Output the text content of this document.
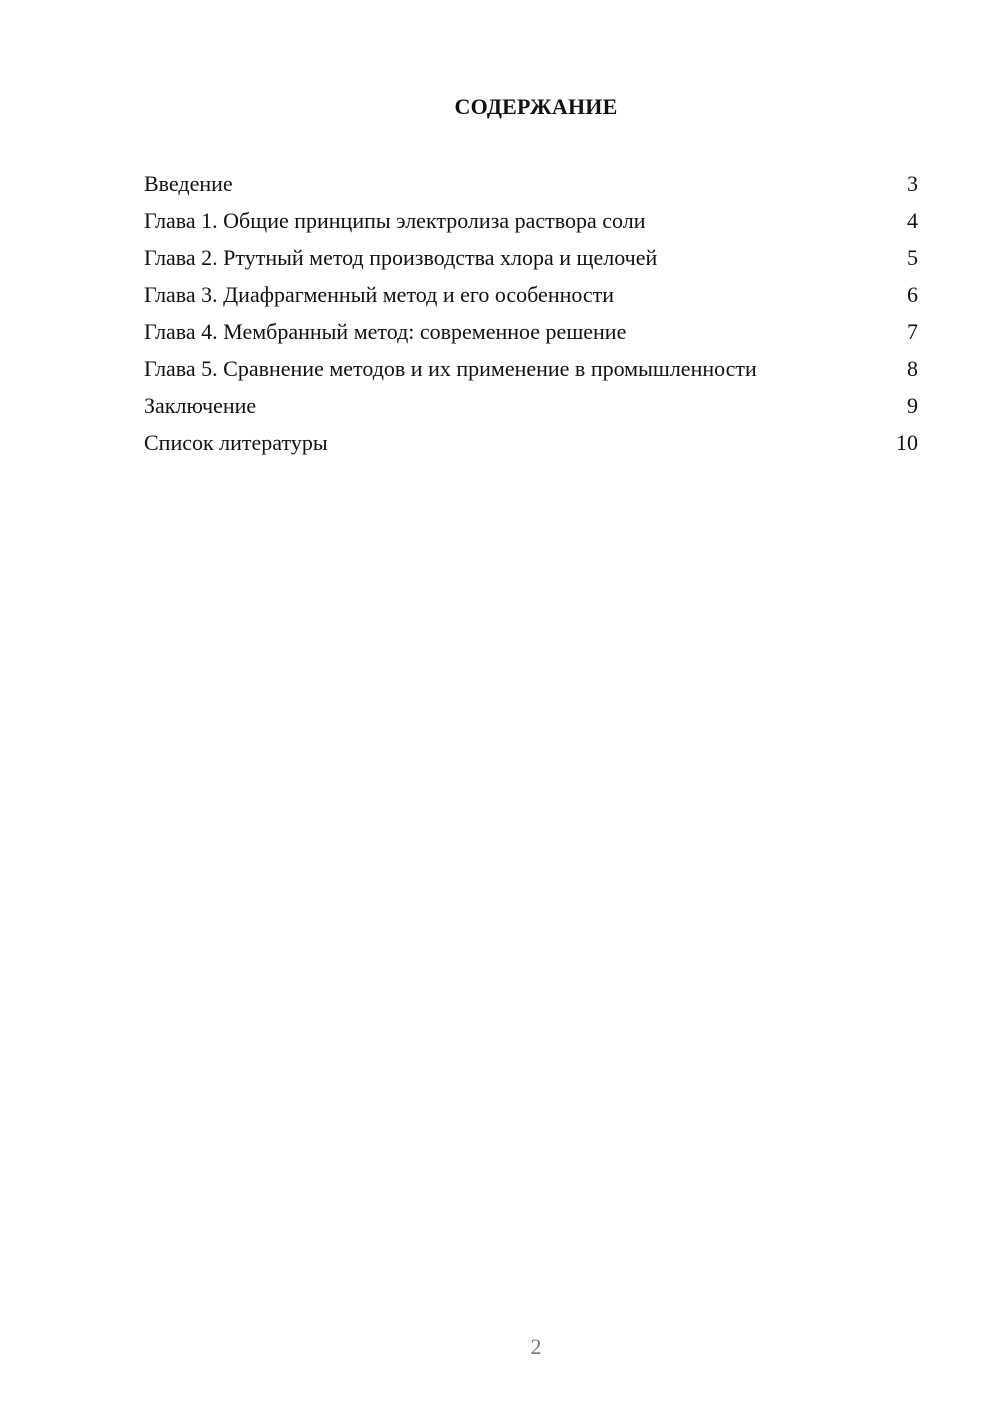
СОДЕРЖАНИЕ
Введение	3
Глава 1. Общие принципы электролиза раствора соли	4
Глава 2. Ртутный метод производства хлора и щелочей	5
Глава 3. Диафрагменный метод и его особенности	6
Глава 4. Мембранный метод: современное решение	7
Глава 5. Сравнение методов и их применение в промышленности	8
Заключение	9
Список литературы	10
2
